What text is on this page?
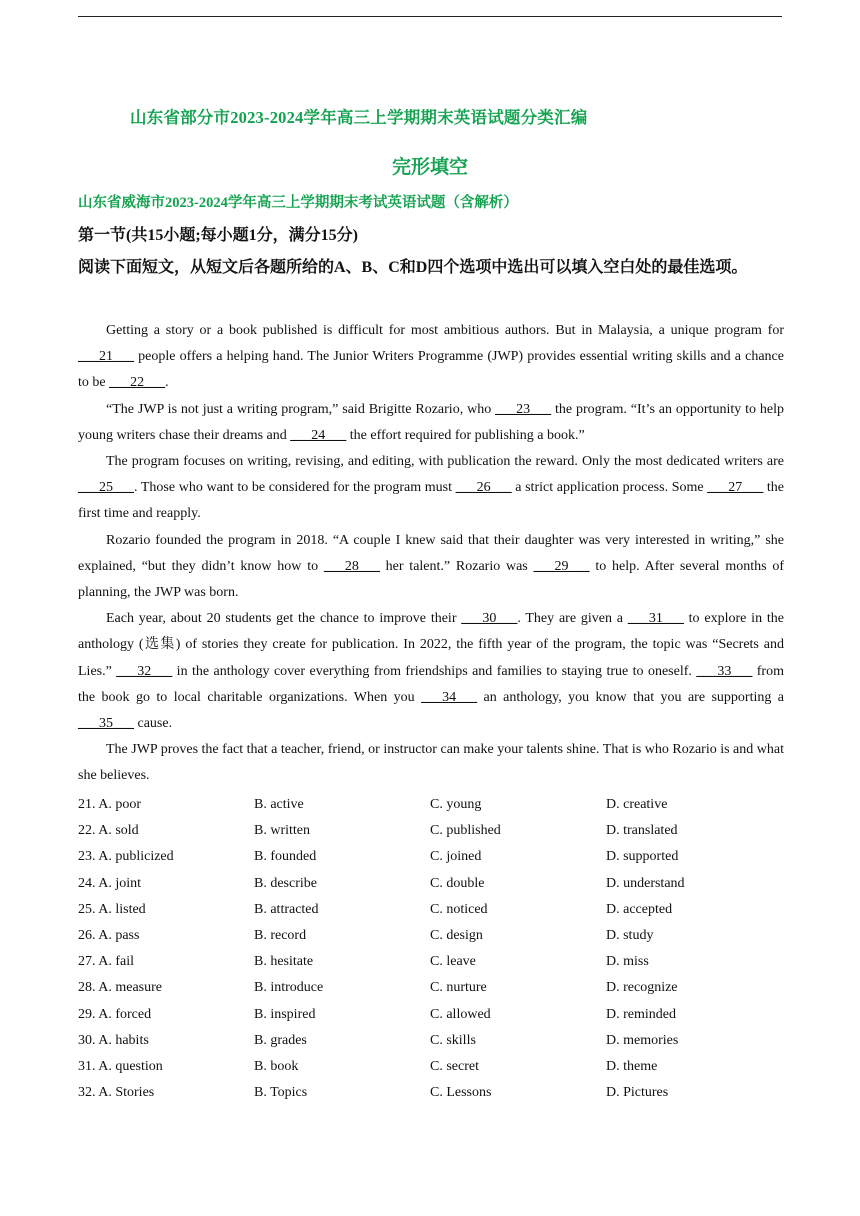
山东省部分市2023-2024学年高三上学期期末英语试题分类汇编
完形填空
山东省威海市2023-2024学年高三上学期期末考试英语试题（含解析）
第一节(共15小题;每小题1分，满分15分)
阅读下面短文，从短文后各题所给的A、B、C和D四个选项中选出可以填入空白处的最佳选项。

Getting a story or a book published is difficult for most ambitious authors. But in Malaysia, a unique program for ___21___ people offers a helping hand. The Junior Writers Programme (JWP) provides essential writing skills and a chance to be ___22___.

“The JWP is not just a writing program,” said Brigitte Rozario, who ___23___ the program. “It’s an opportunity to help young writers chase their dreams and ___24___ the effort required for publishing a book.”

The program focuses on writing, revising, and editing, with publication the reward. Only the most dedicated writers are ___25___. Those who want to be considered for the program must ___26___ a strict application process. Some ___27___ the first time and reapply.

Rozario founded the program in 2018. “A couple I knew said that their daughter was very interested in writing,” she explained, “but they didn’t know how to ___28___ her talent.” Rozario was ___29___ to help. After several months of planning, the JWP was born.

Each year, about 20 students get the chance to improve their ___30___. They are given a ___31___ to explore in the anthology (选集) of stories they create for publication. In 2022, the fifth year of the program, the topic was “Secrets and Lies.” ___32___ in the anthology cover everything from friendships and families to staying true to oneself. ___33___ from the book go to local charitable organizations. When you ___34___ an anthology, you know that you are supporting a ___35___ cause.

The JWP proves the fact that a teacher, friend, or instructor can make your talents shine. That is who Rozario is and what she believes.

21. A. poor	B. active	C. young	D. creative
22. A. sold	B. written	C. published	D. translated
23. A. publicized	B. founded	C. joined	D. supported
24. A. joint	B. describe	C. double	D. understand
25. A. listed	B. attracted	C. noticed	D. accepted
26. A. pass	B. record	C. design	D. study
27. A. fail	B. hesitate	C. leave	D. miss
28. A. measure	B. introduce	C. nurture	D. recognize
29. A. forced	B. inspired	C. allowed	D. reminded
30. A. habits	B. grades	C. skills	D. memories
31. A. question	B. book	C. secret	D. theme
32. A. Stories	B. Topics	C. Lessons	D. Pictures
